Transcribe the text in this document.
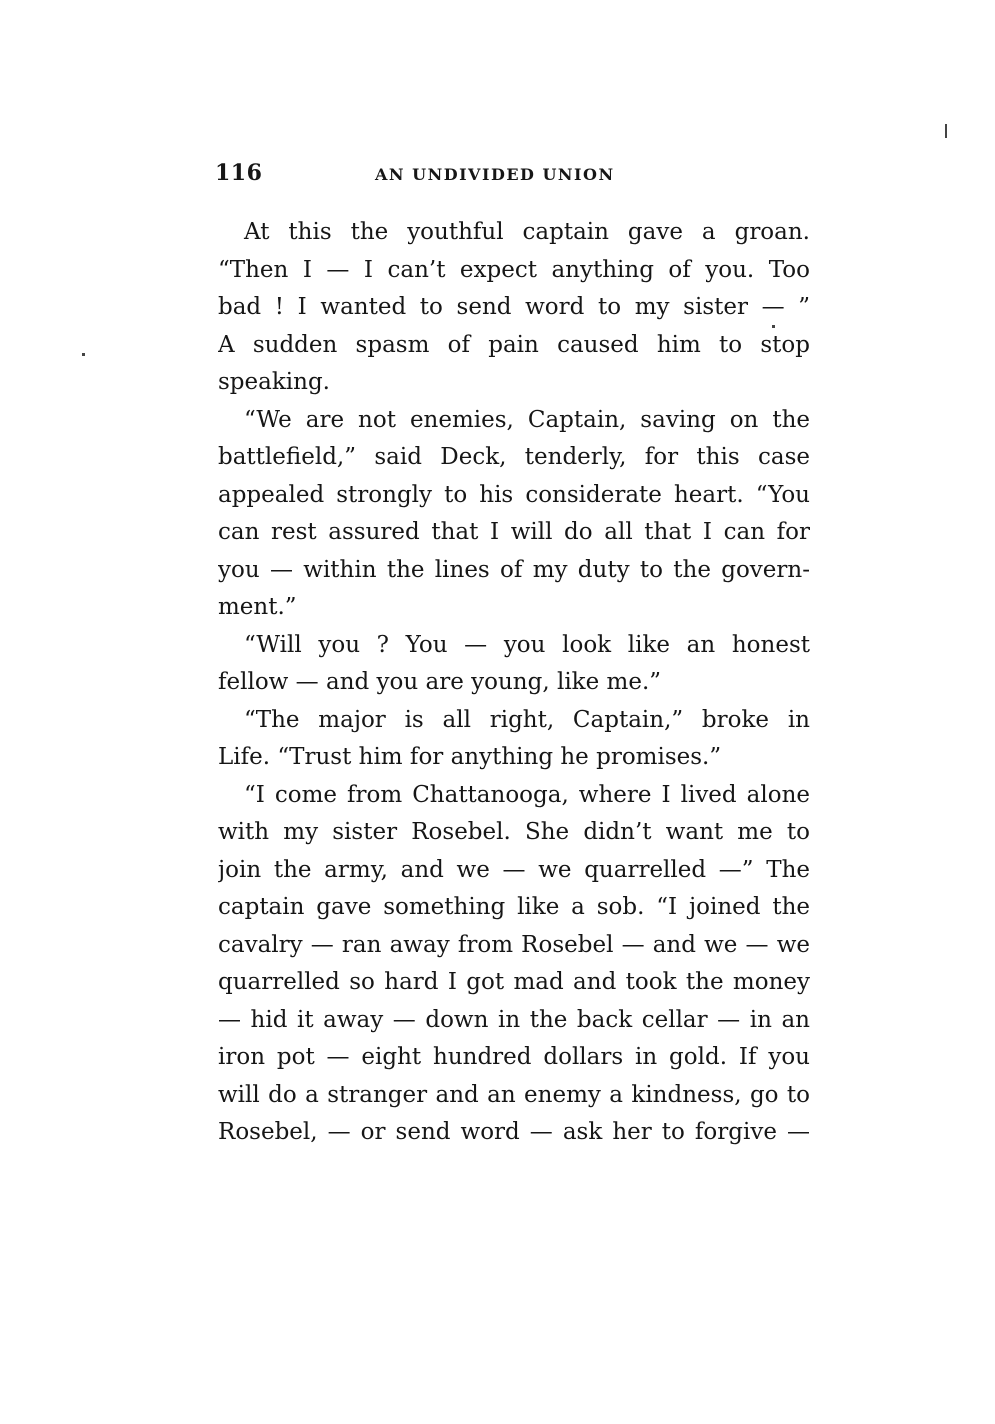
116	AN UNDIVIDED UNION
At this the youthful captain gave a groan.
“Then I — I can’t expect anything of you. Too
bad ! I wanted to send word to my sister — ”
A sudden spasm of pain caused him to stop
speaking.
“We are not enemies, Captain, saving on the
battlefield,” said Deck, tenderly, for this case
appealed strongly to his considerate heart. “You
can rest assured that I will do all that I can for
you — within the lines of my duty to the govern-
ment.”
“Will you ? You — you look like an honest
fellow — and you are young, like me.”
“The major is all right, Captain,” broke in
Life. “Trust him for anything he promises.”
“I come from Chattanooga, where I lived alone
with my sister Rosebel. She didn’t want me to
join the army, and we — we quarrelled —” The
captain gave something like a sob. “I joined the
cavalry — ran away from Rosebel — and we — we
quarrelled so hard I got mad and took the money
— hid it away — down in the back cellar — in an
iron pot — eight hundred dollars in gold. If you
will do a stranger and an enemy a kindness, go to
Rosebel, — or send word — ask her to forgive —
